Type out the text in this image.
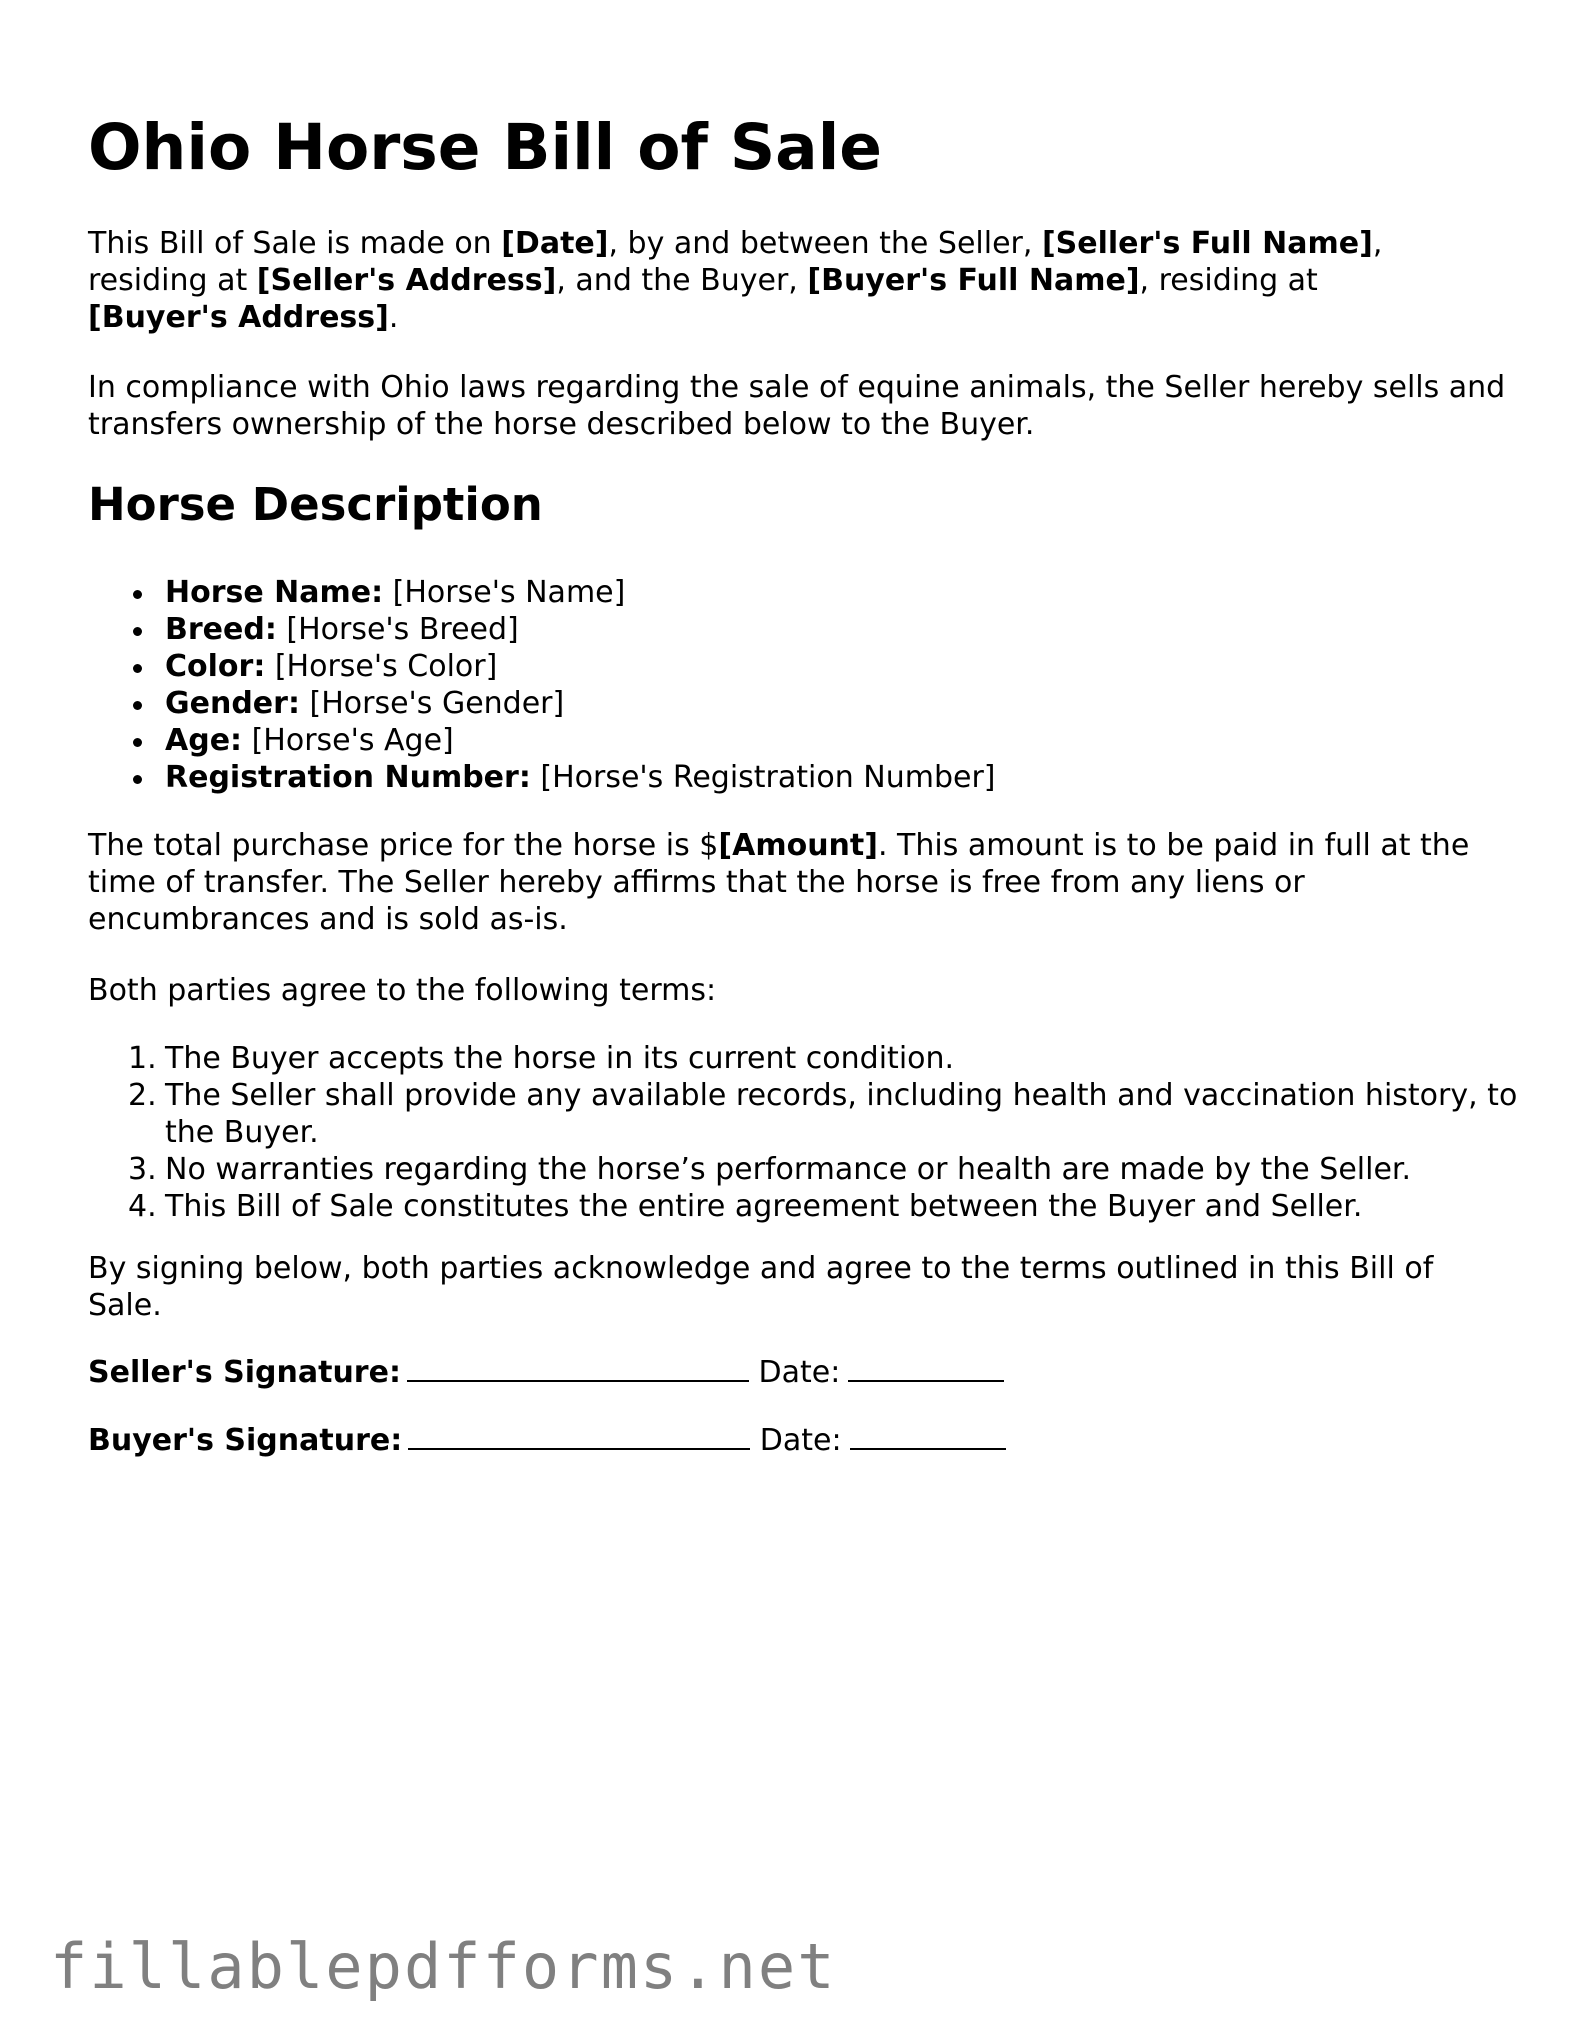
Ohio Horse Bill of Sale

This Bill of Sale is made on [Date], by and between the Seller, [Seller's Full Name], residing at [Seller's Address], and the Buyer, [Buyer's Full Name], residing at
[Buyer's Address].

In compliance with Ohio laws regarding the sale of equine animals, the Seller hereby sells and transfers ownership of the horse described below to the Buyer.

Horse Description
Horse Name: [Horse's Name]
Breed: [Horse's Breed]
Color: [Horse's Color]
Gender: [Horse's Gender]
Age: [Horse's Age]
Registration Number: [Horse's Registration Number]

The total purchase price for the horse is $[Amount]. This amount is to be paid in full at the time of transfer. The Seller hereby affirms that the horse is free from any liens or encumbrances and is sold as-is.

Both parties agree to the following terms:

1. The Buyer accepts the horse in its current condition.
2. The Seller shall provide any available records, including health and vaccination history, to the Buyer.
3. No warranties regarding the horse’s performance or health are made by the Seller.
4. This Bill of Sale constitutes the entire agreement between the Buyer and Seller.

By signing below, both parties acknowledge and agree to the terms outlined in this Bill of Sale.

Seller's Signature:	Date:
Buyer's Signature:	Date:
fillablepdfforms.net
